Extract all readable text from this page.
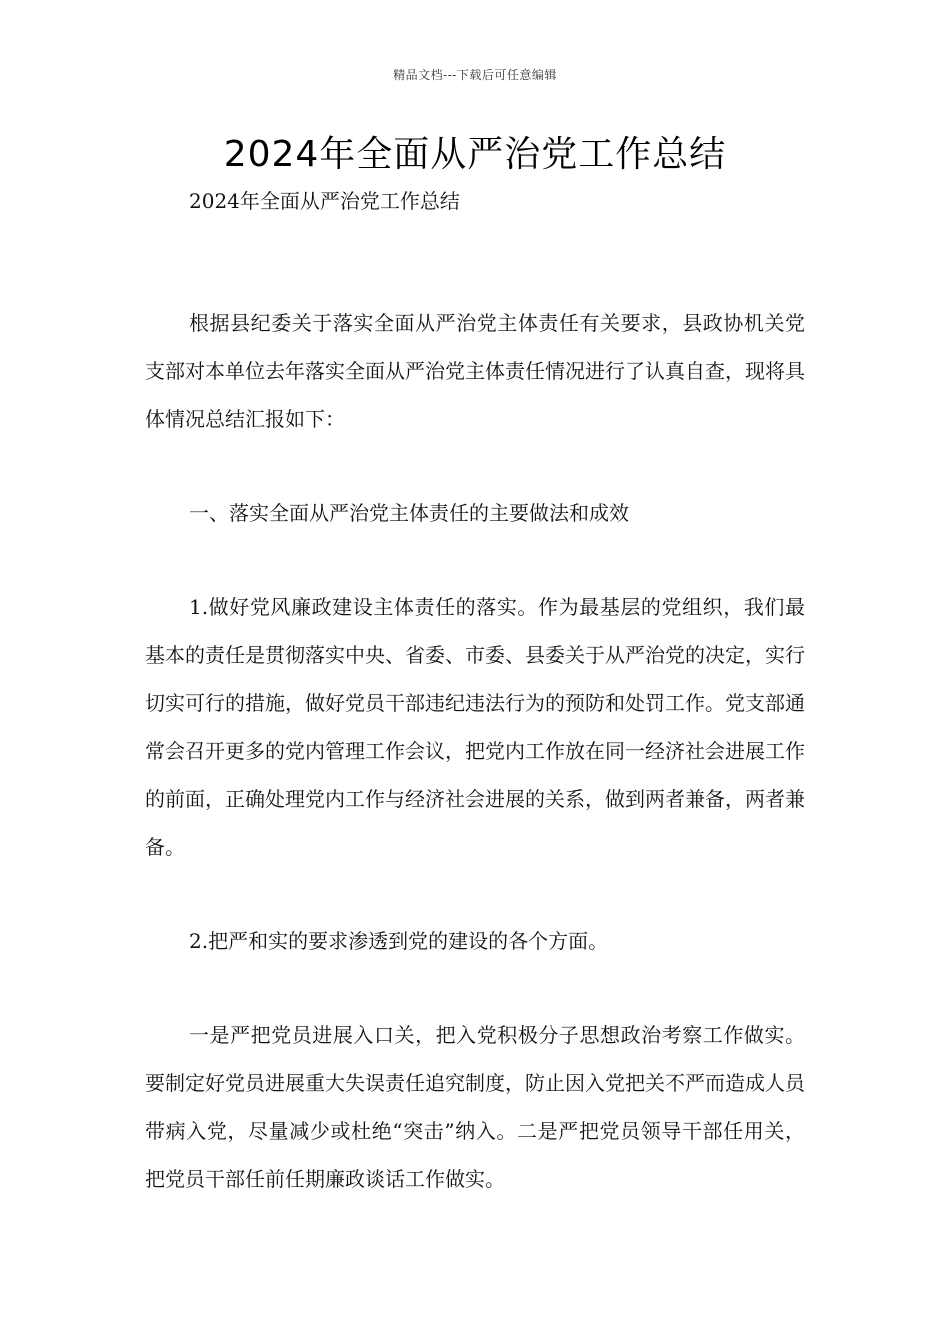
精品文档---下载后可任意编辑
2024年全面从严治党工作总结

2024年全面从严治党工作总结

根据县纪委关于落实全面从严治党主体责任有关要求，县政协机关党支部对本单位去年落实全面从严治党主体责任情况进行了认真自查，现将具体情况总结汇报如下：

一、落实全面从严治党主体责任的主要做法和成效

1.做好党风廉政建设主体责任的落实。作为最基层的党组织，我们最基本的责任是贯彻落实中央、省委、市委、县委关于从严治党的决定，实行切实可行的措施，做好党员干部违纪违法行为的预防和处罚工作。党支部通常会召开更多的党内管理工作会议，把党内工作放在同一经济社会进展工作的前面，正确处理党内工作与经济社会进展的关系，做到两者兼备，两者兼备。

2.把严和实的要求渗透到党的建设的各个方面。

一是严把党员进展入口关，把入党积极分子思想政治考察工作做实。要制定好党员进展重大失误责任追究制度，防止因入党把关不严而造成人员带病入党，尽量减少或杜绝“突击”纳入。二是严把党员领导干部任用关，把党员干部任前任期廉政谈话工作做实。
